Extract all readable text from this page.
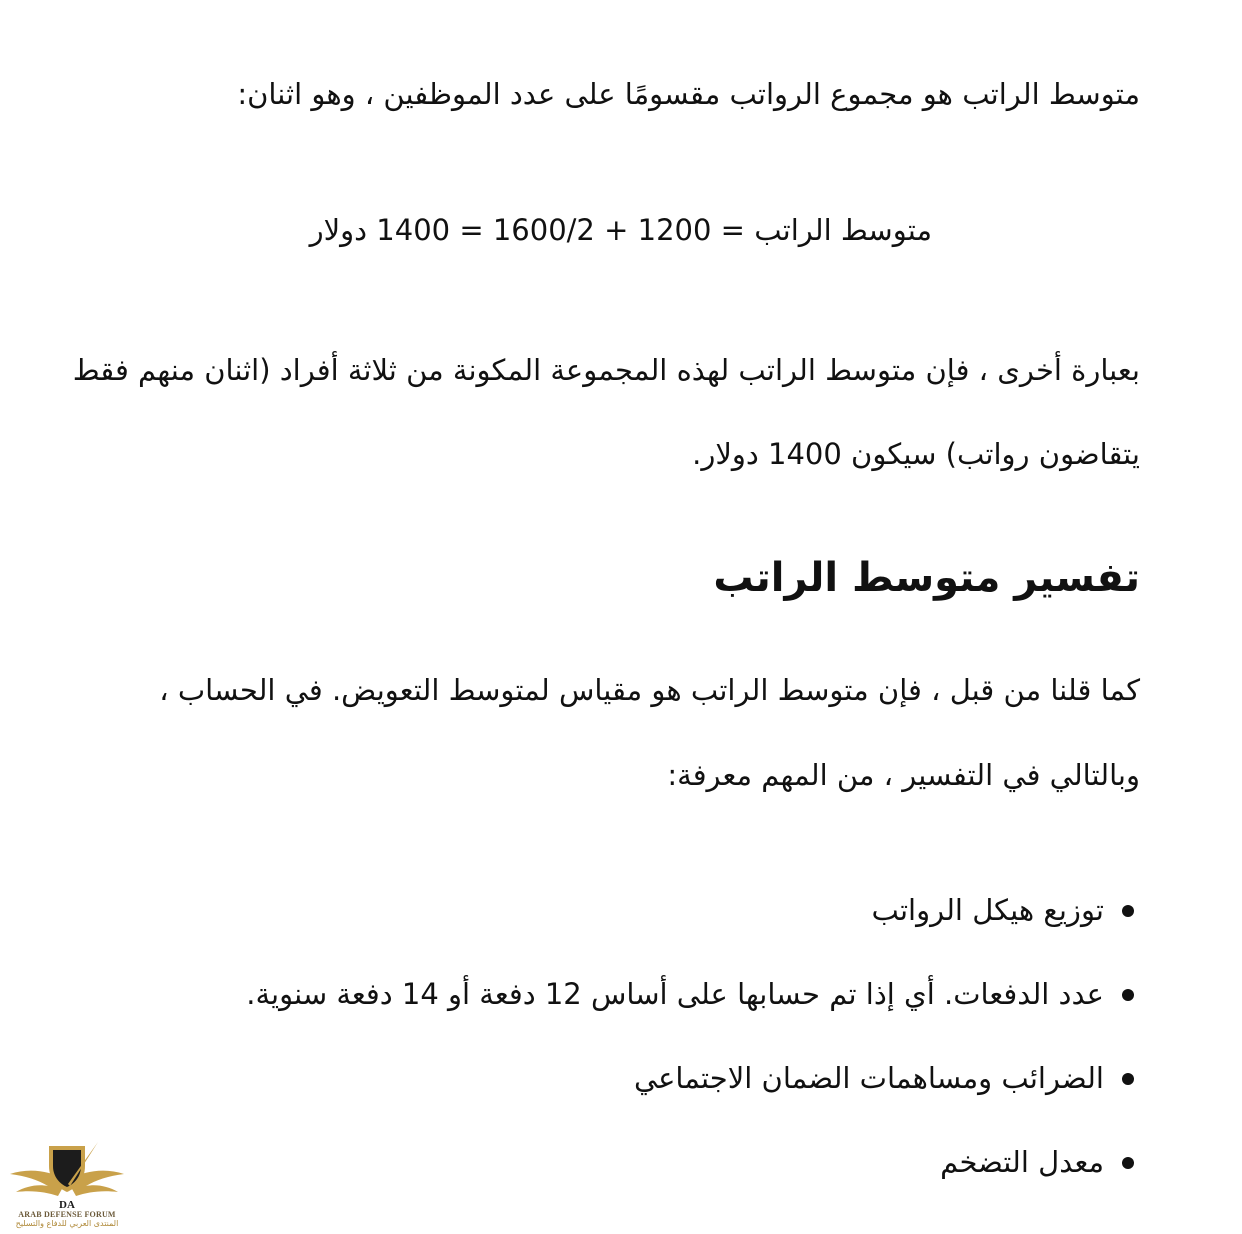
متوسط الراتب هو مجموع الرواتب مقسومًا على عدد الموظفين ، وهو اثنان:
متوسط الراتب = 1200 + 1600/2 = 1400 دولار
بعبارة أخرى ، فإن متوسط الراتب لهذه المجموعة المكونة من ثلاثة أفراد (اثنان منهم فقط
يتقاضون رواتب) سيكون 1400 دولار.
تفسير متوسط الراتب
كما قلنا من قبل ، فإن متوسط الراتب هو مقياس لمتوسط التعويض. في الحساب ،
وبالتالي في التفسير ، من المهم معرفة:
توزيع هيكل الرواتب
عدد الدفعات. أي إذا تم حسابها على أساس 12 دفعة أو 14 دفعة سنوية.
الضرائب ومساهمات الضمان الاجتماعي
معدل التضخم
DA
ARAB DEFENSE FORUM
المنتدى العربي للدفاع والتسليح
